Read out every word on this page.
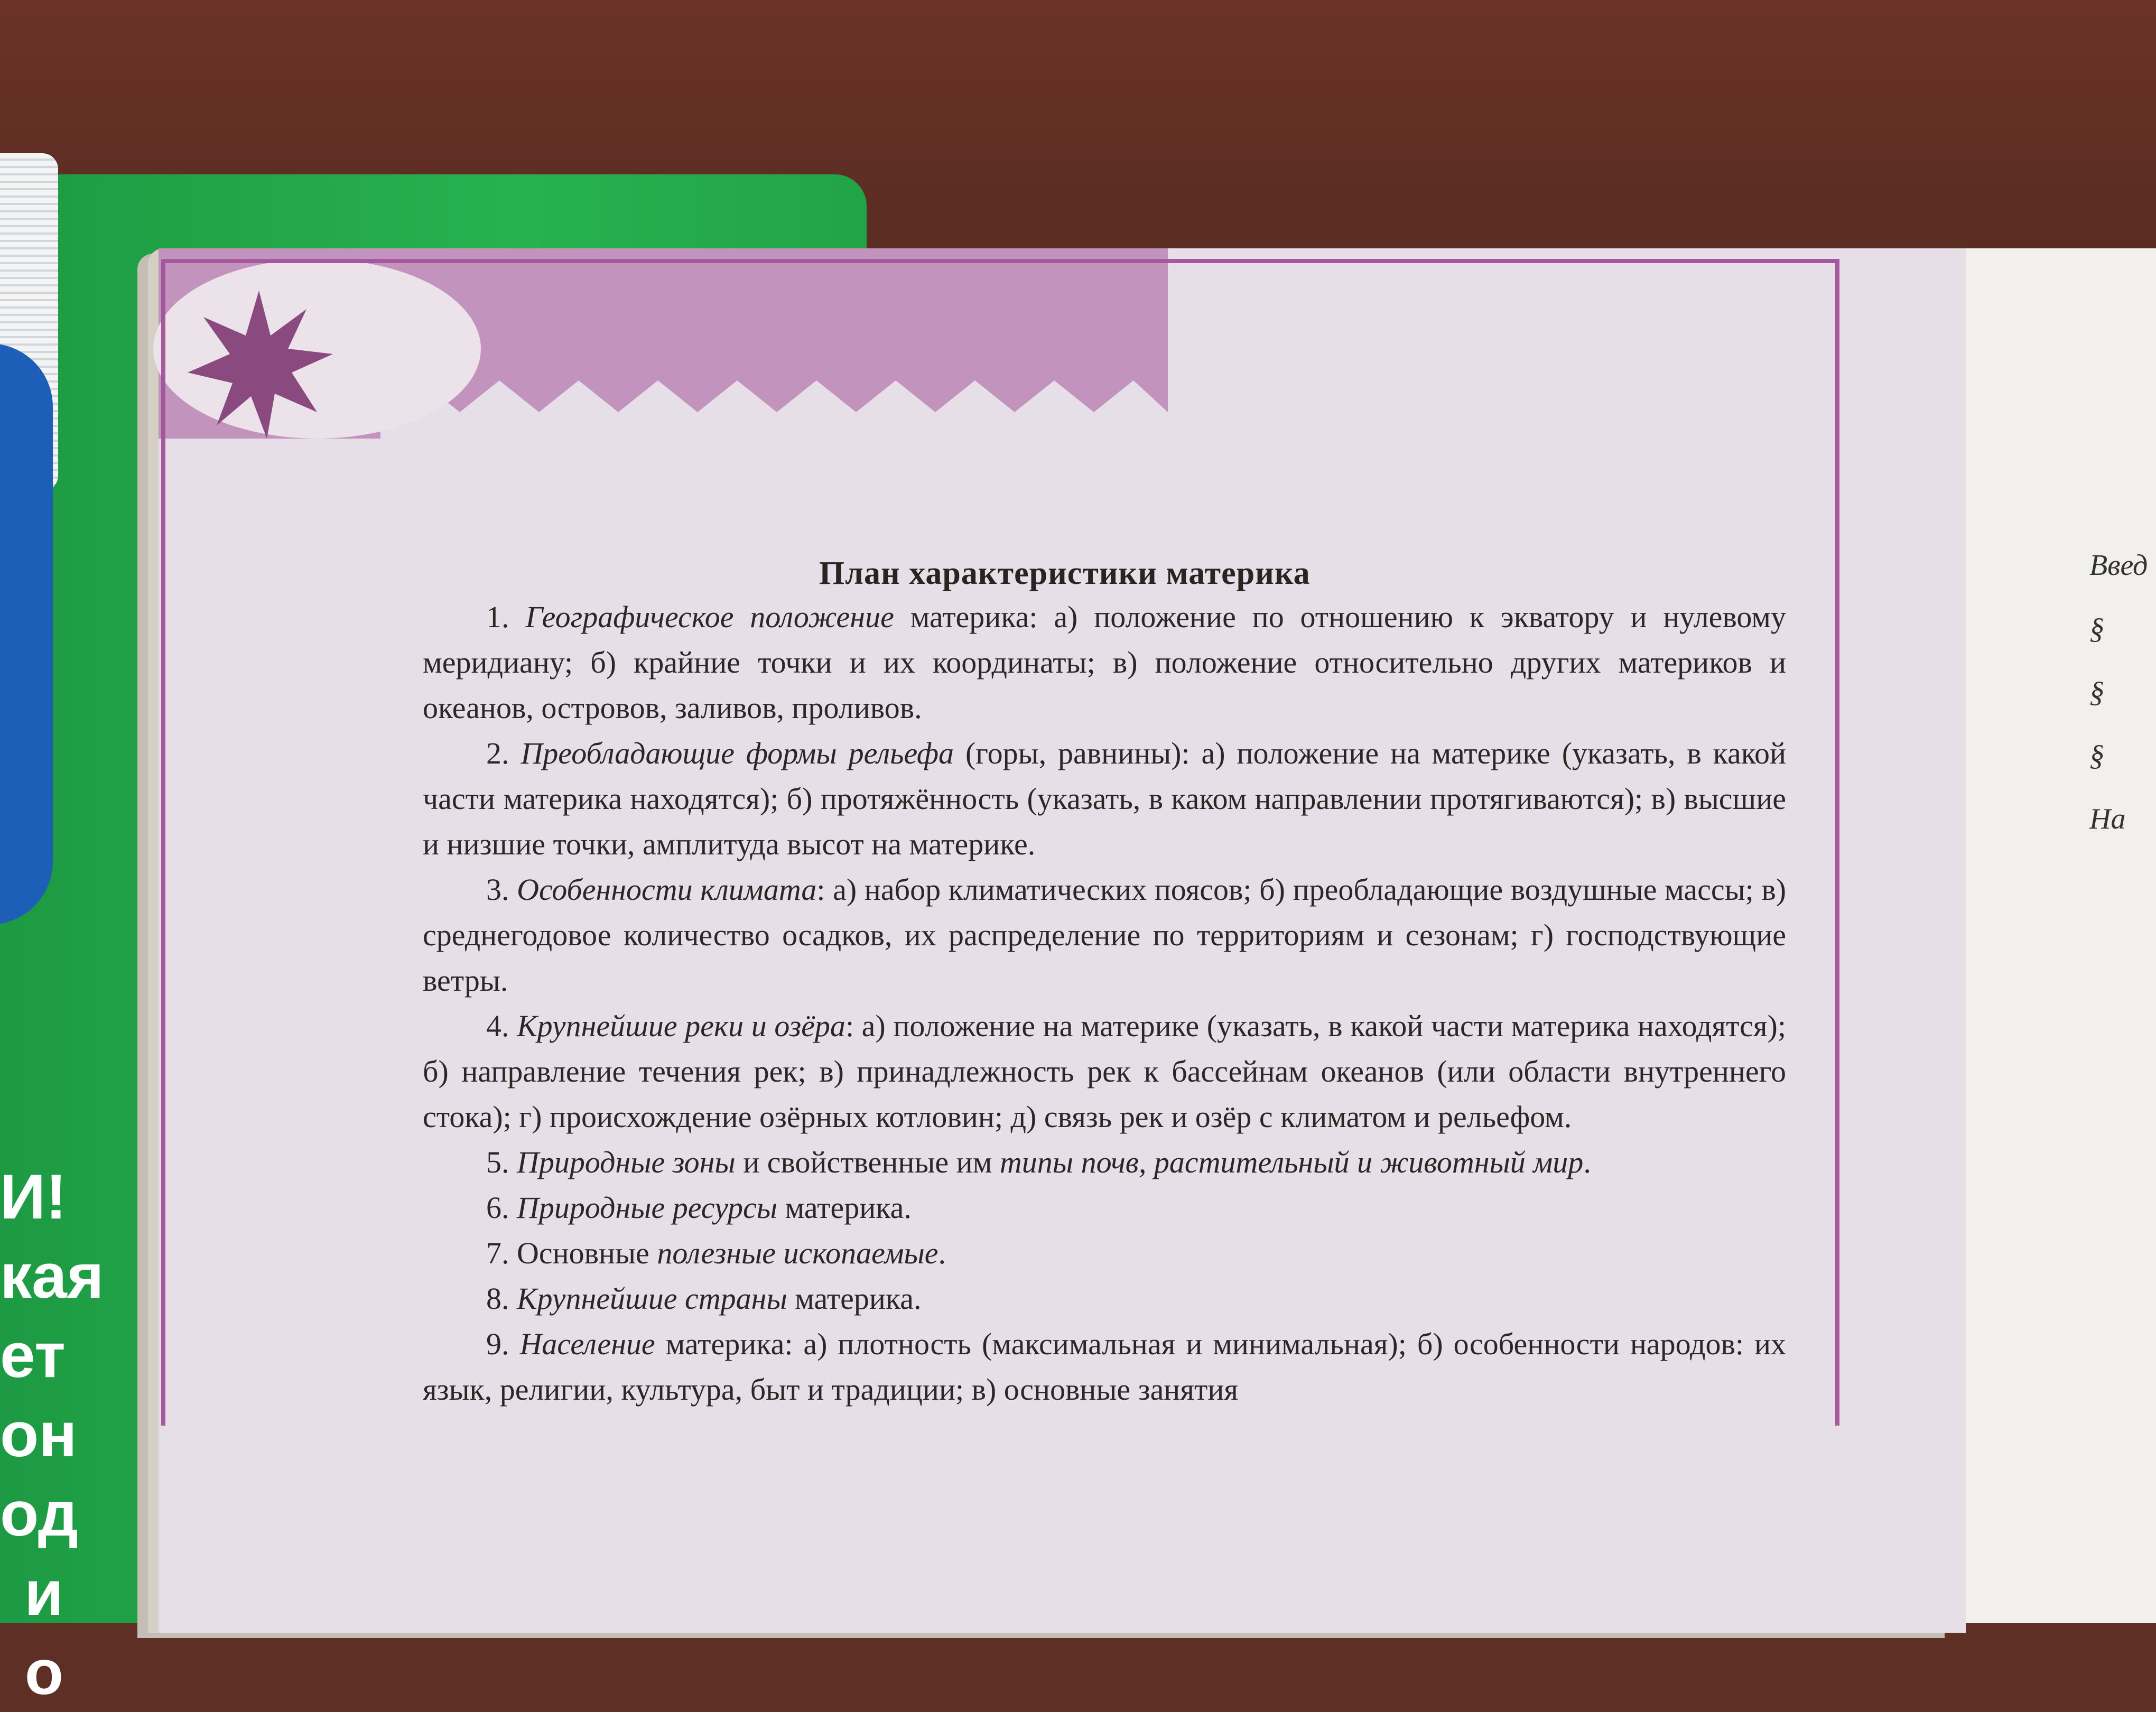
И!
кая
ет
он
од
и
о
Введ
§
§
§
На
План характеристики материка

1. Географическое положение материка: а) положение по отношению к экватору и нулевому меридиану; б) крайние точки и их координаты; в) положение относительно других материков и океанов, островов, заливов, проливов.

2. Преобладающие формы рельефа (горы, равнины): а) положение на материке (указать, в какой части материка находятся); б) протяжённость (указать, в каком направлении протягиваются); в) высшие и низшие точки, амплитуда высот на материке.

3. Особенности климата: а) набор климатических поясов; б) преобладающие воздушные массы; в) среднегодовое количество осадков, их распределение по территориям и сезонам; г) господствующие ветры.

4. Крупнейшие реки и озёра: а) положение на материке (указать, в какой части материка находятся); б) направление течения рек; в) принадлежность рек к бассейнам океанов (или области внутреннего стока); г) происхождение озёрных котловин; д) связь рек и озёр с климатом и рельефом.

5. Природные зоны и свойственные им типы почв, растительный и животный мир.

6. Природные ресурсы материка.

7. Основные полезные ископаемые.

8. Крупнейшие страны материка.

9. Население материка: а) плотность (максимальная и минимальная); б) особенности народов: их язык, религии, культура, быт и традиции; в) основные занятия
